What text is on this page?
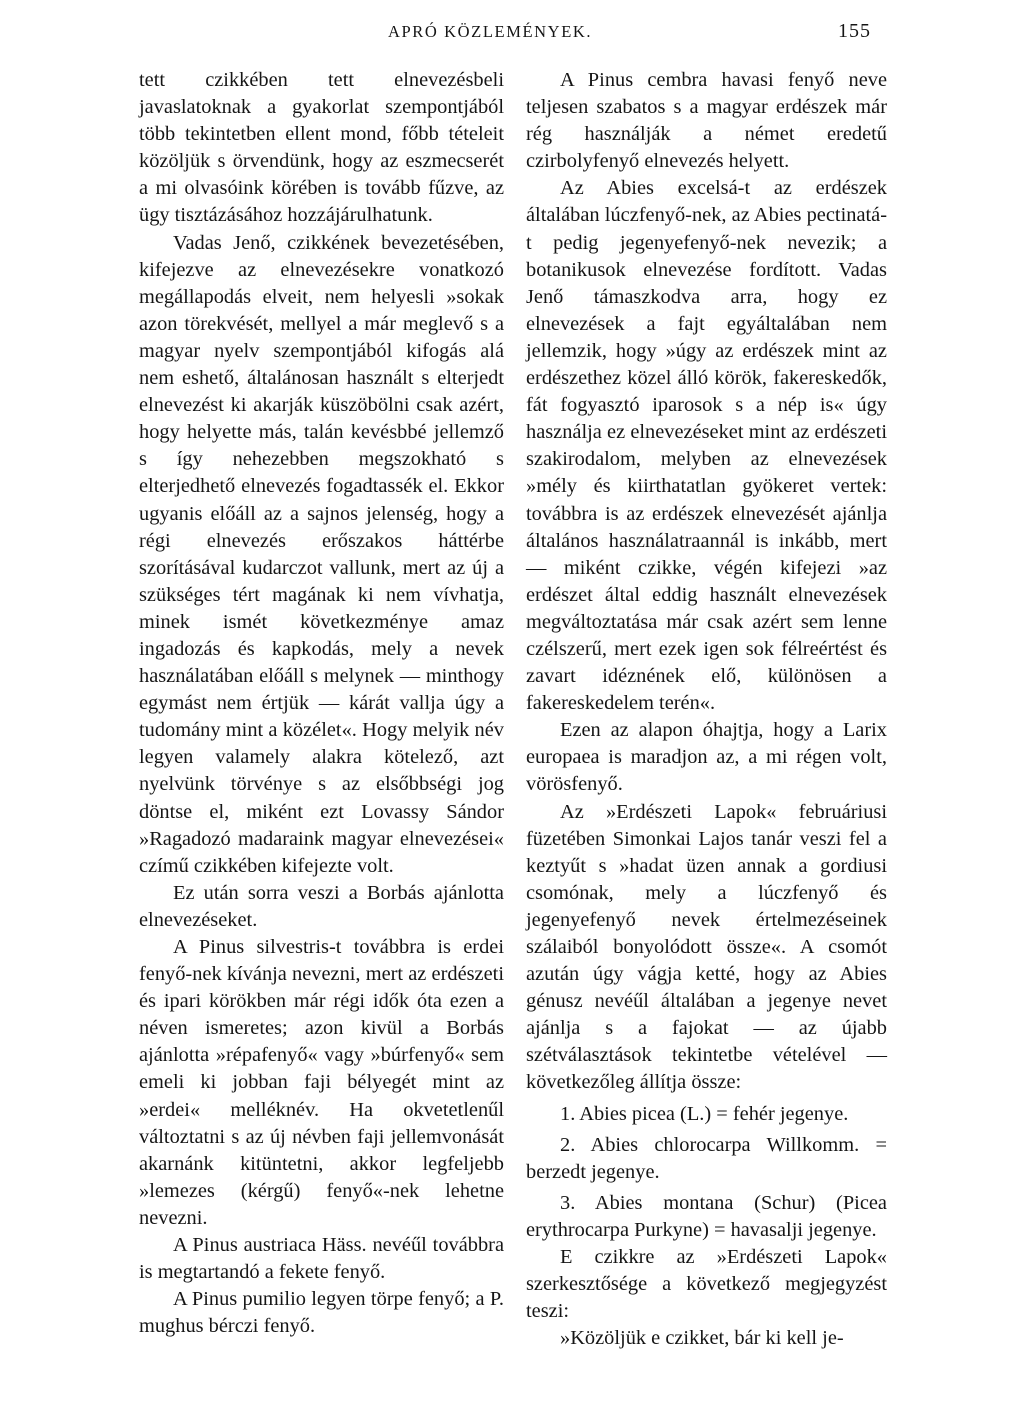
APRÓ KÖZLEMÉNYEK.	155

tett czikkében tett elnevezésbeli javaslatoknak a gyakorlat szempontjából több tekintetben ellent mond, főbb tételeit közöljük s örvendünk, hogy az eszmecserét a mi olvasóink körében is tovább fűzve, az ügy tisztázásához hozzájárulhatunk.

Vadas Jenő, czikkének bevezetésében, kifejezve az elnevezésekre vonatkozó megállapodás elveit, nem helyesli »sokak azon törekvését, mellyel a már meglevő s a magyar nyelv szempontjából kifogás alá nem eshető, általánosan használt s elterjedt elnevezést ki akarják küszöbölni csak azért, hogy helyette más, talán kevésbbé jellemző s így nehezebben megszokható s elterjedhető elnevezés fogadtassék el. Ekkor ugyanis előáll az a sajnos jelenség, hogy a régi elnevezés erőszakos háttérbe szorításával kudarczot vallunk, mert az új a szükséges tért magának ki nem vívhatja, minek ismét következménye amaz ingadozás és kapkodás, mely a nevek használatában előáll s melynek — minthogy egymást nem értjük — kárát vallja úgy a tudomány mint a közélet«. Hogy melyik név legyen valamely alakra kötelező, azt nyelvünk törvénye s az elsőbbségi jog döntse el, miként ezt Lovassy Sándor »Ragadozó madaraink magyar elnevezései« czímű czikkében kifejezte volt.

Ez után sorra veszi a Borbás ajánlotta elnevezéseket.

A Pinus silvestris-t továbbra is erdei fenyő-nek kívánja nevezni, mert az erdészeti és ipari körökben már régi idők óta ezen a néven ismeretes; azon kivül a Borbás ajánlotta »répafenyő« vagy »búrfenyő« sem emeli ki jobban faji bélyegét mint az »erdei« melléknév. Ha okvetetlenűl változtatni s az új névben faji jellemvonását akarnánk kitüntetni, akkor legfeljebb »lemezes (kérgű) fenyő«-nek lehetne nevezni.

A Pinus austriaca Häss. nevéűl továbbra is megtartandó a fekete fenyő.

A Pinus pumilio legyen törpe fenyő; a P. mughus bérczi fenyő.

A Pinus cembra havasi fenyő neve teljesen szabatos s a magyar erdészek már rég használják a német eredetű czirbolyfenyő elnevezés helyett.

Az Abies excelsá-t az erdészek általában lúczfenyő-nek, az Abies pectinatá-t pedig jegenyefenyő-nek nevezik; a botanikusok elnevezése fordított. Vadas Jenő támaszkodva arra, hogy ez elnevezések a fajt egyáltalában nem jellemzik, hogy »úgy az erdészek mint az erdészethez közel álló körök, fakereskedők, fát fogyasztó iparosok s a nép is« úgy használja ez elnevezéseket mint az erdészeti szakirodalom, melyben az elnevezések »mély és kiirthatatlan gyökeret vertek: továbbra is az erdészek elnevezését ajánlja általános használatraannál is inkább, mert — miként czikke, végén kifejezi »az erdészet által eddig használt elnevezések megváltoztatása már csak azért sem lenne czélszerű, mert ezek igen sok félreértést és zavart idéznének elő, különösen a fakereskedelem terén«.

Ezen az alapon óhajtja, hogy a Larix europaea is maradjon az, a mi régen volt, vörösfenyő.

Az »Erdészeti Lapok« februáriusi füzetében Simonkai Lajos tanár veszi fel a keztyűt s »hadat üzen annak a gordiusi csomónak, mely a lúczfenyő és jegenyefenyő nevek értelmezéseinek szálaiból bonyolódott össze«. A csomót azután úgy vágja ketté, hogy az Abies génusz nevéűl általában a jegenye nevet ajánlja s a fajokat — az újabb szétválasztások tekintetbe vételével — következőleg állítja össze:

1. Abies picea (L.) = fehér jegenye.

2. Abies chlorocarpa Willkomm. = berzedt jegenye.

3. Abies montana (Schur) (Picea erythrocarpa Purkyne) = havasalji jegenye.

E czikkre az »Erdészeti Lapok« szerkesztősége a következő megjegyzést teszi:

»Közöljük e czikket, bár ki kell je-
